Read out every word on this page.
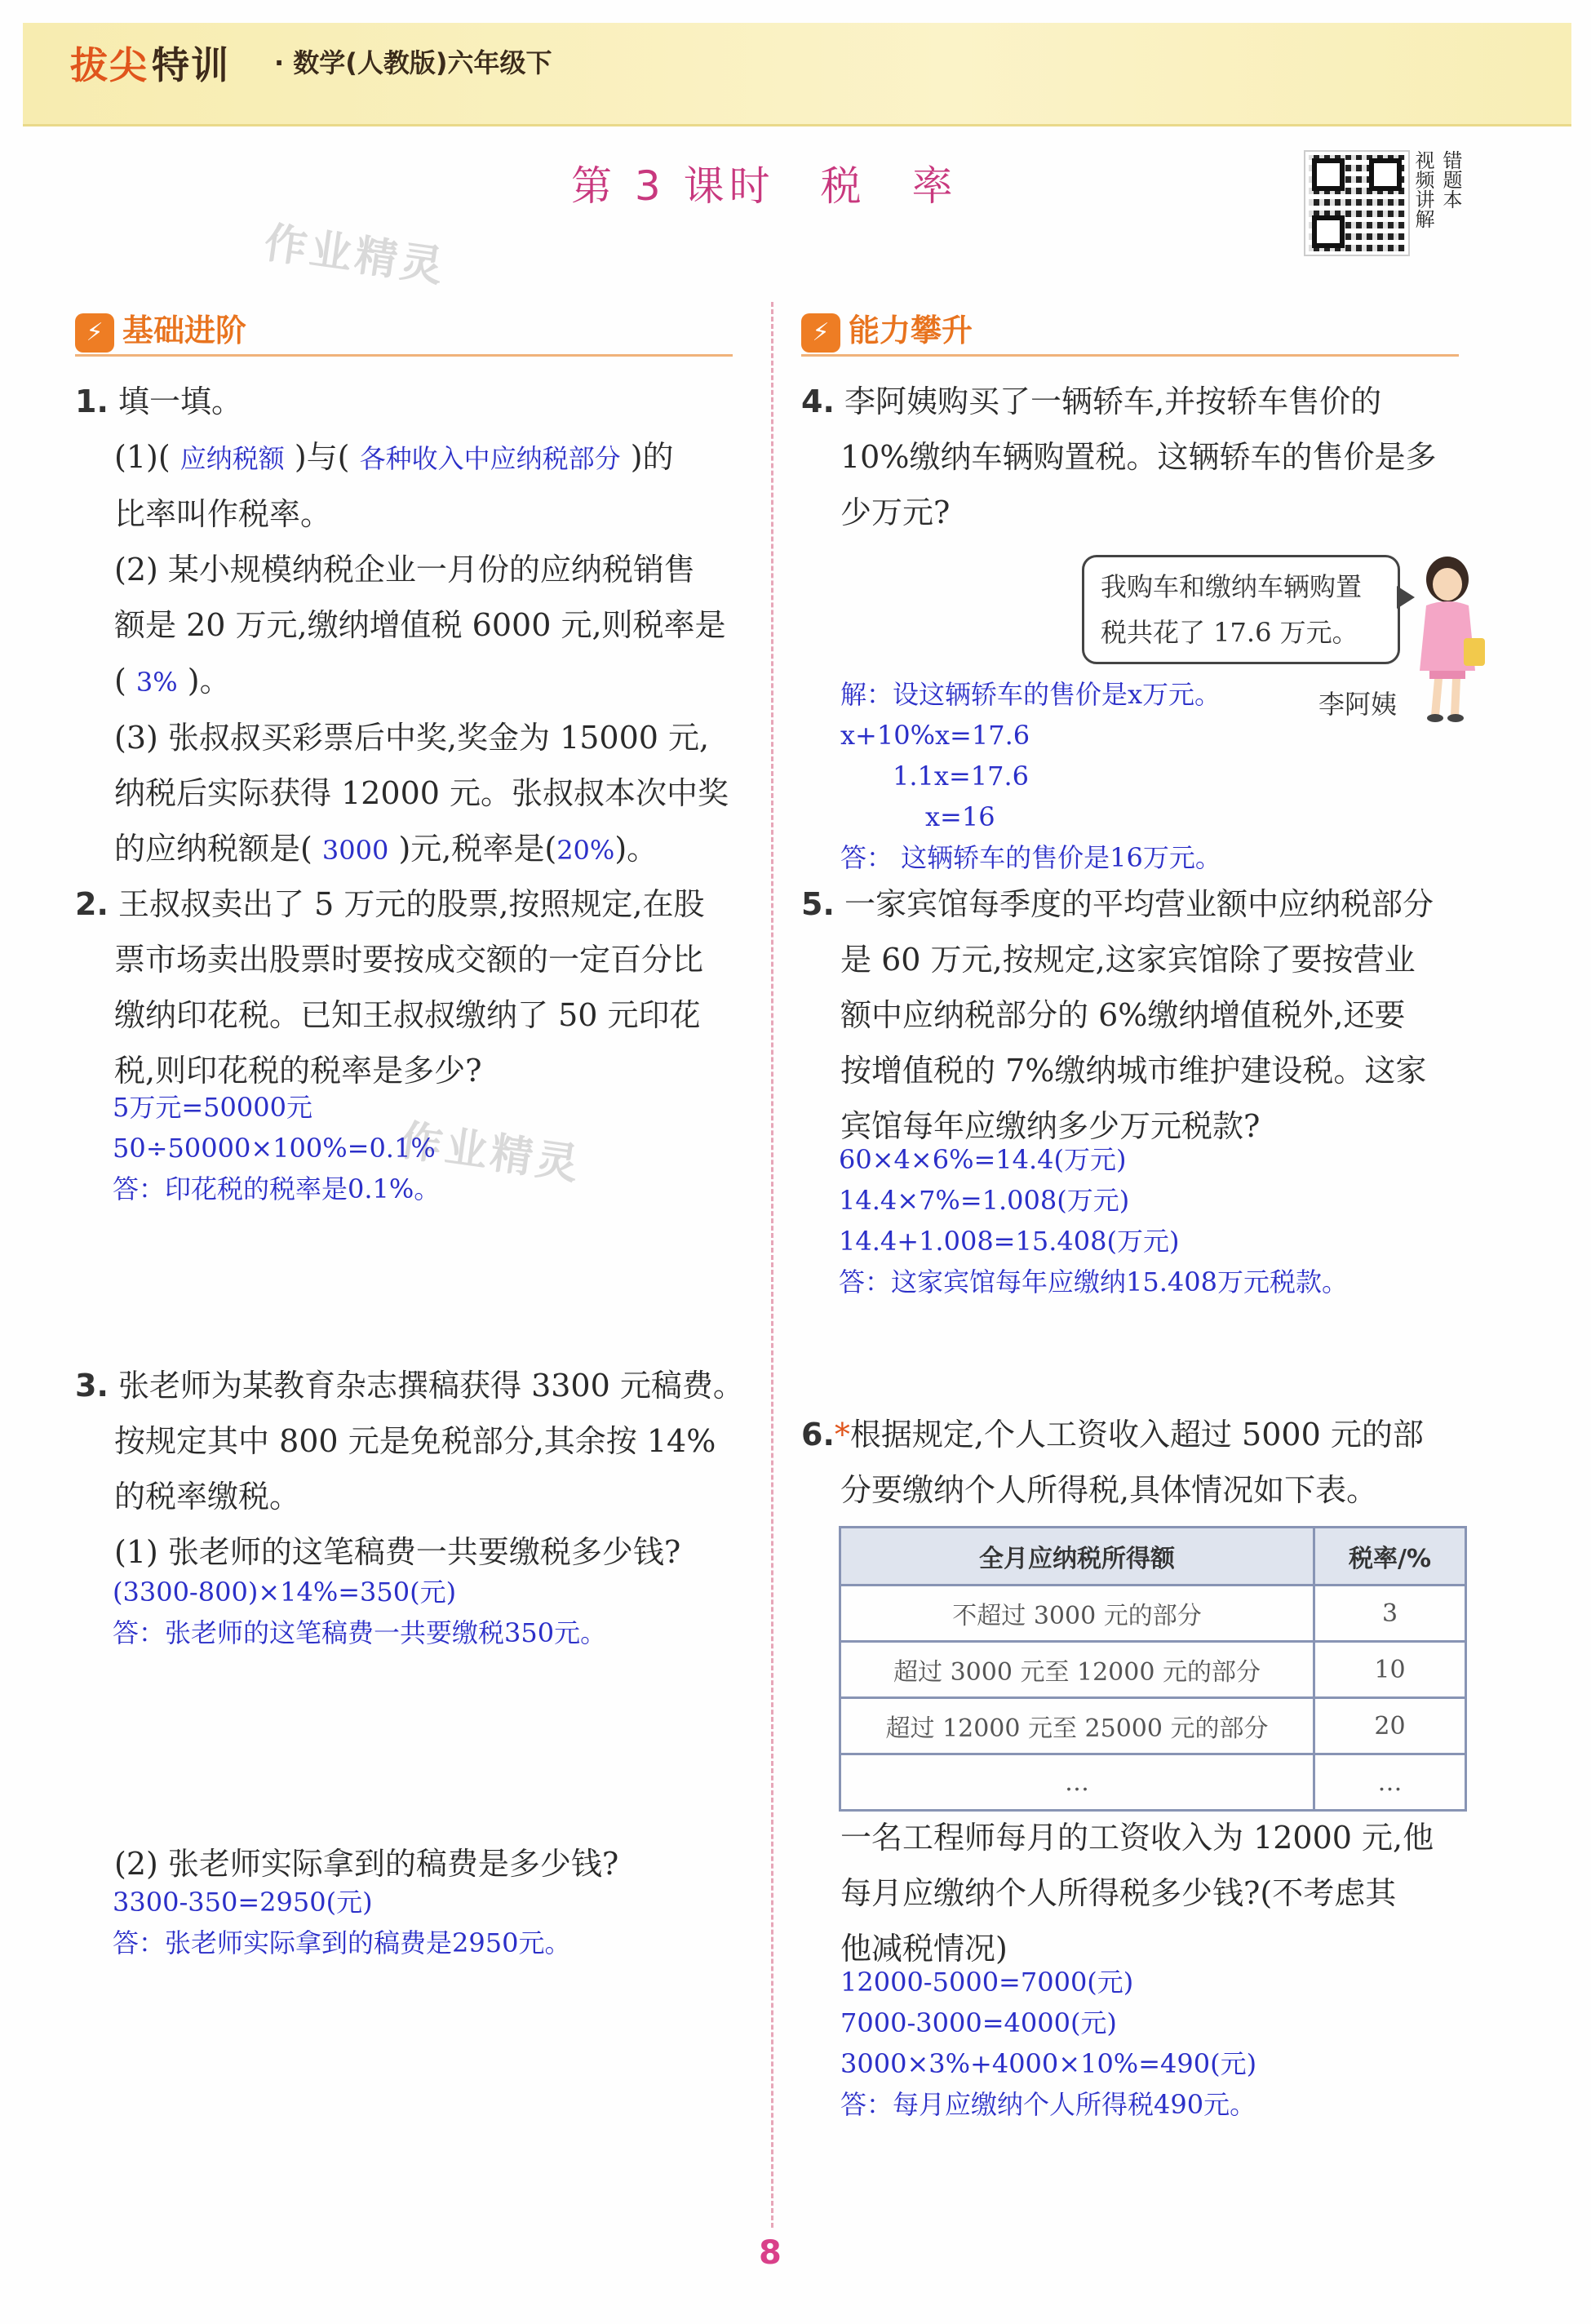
拔尖特训 · 数学(人教版)六年级下
第 3 课时　税　率	视频讲解 错题本
作业精灵
作业精灵
⚡ 基础进阶	⚡ 能力攀升

1. 填一填。

(1)( 应纳税额 )与( 各种收入中应纳税部分 )的

比率叫作税率。

(2) 某小规模纳税企业一月份的应纳税销售

额是 20 万元,缴纳增值税 6000 元,则税率是

( 3% )。

(3) 张叔叔买彩票后中奖,奖金为 15000 元,

纳税后实际获得 12000 元。张叔叔本次中奖

的应纳税额是( 3000 )元,税率是(20%)。

2. 王叔叔卖出了 5 万元的股票,按照规定,在股

票市场卖出股票时要按成交额的一定百分比

缴纳印花税。已知王叔叔缴纳了 50 元印花

税,则印花税的税率是多少?

5万元=50000元
50÷50000×100%=0.1%
答：印花税的税率是0.1%。

3. 张老师为某教育杂志撰稿获得 3300 元稿费。

按规定其中 800 元是免税部分,其余按 14%

的税率缴税。

(1) 张老师的这笔稿费一共要缴税多少钱?

(3300-800)×14%=350(元)
答：张老师的这笔稿费一共要缴税350元。

(2) 张老师实际拿到的稿费是多少钱?

3300-350=2950(元)
答：张老师实际拿到的稿费是2950元。

4. 李阿姨购买了一辆轿车,并按轿车售价的

10%缴纳车辆购置税。这辆轿车的售价是多

少万元?

我购车和缴纳车辆购置
税共花了 17.6 万元。
李阿姨
解：设这辆轿车的售价是x万元。
x+10%x=17.6
1.1x=17.6
x=16
答： 这辆轿车的售价是16万元。

5. 一家宾馆每季度的平均营业额中应纳税部分

是 60 万元,按规定,这家宾馆除了要按营业

额中应纳税部分的 6%缴纳增值税外,还要

按增值税的 7%缴纳城市维护建设税。这家

宾馆每年应缴纳多少万元税款?

60×4×6%=14.4(万元)
14.4×7%=1.008(万元)
14.4+1.008=15.408(万元)
答：这家宾馆每年应缴纳15.408万元税款。

6.*根据规定,个人工资收入超过 5000 元的部

分要缴纳个人所得税,具体情况如下表。

全月应纳税所得额	税率/%
不超过 3000 元的部分	3
超过 3000 元至 12000 元的部分	10
超过 12000 元至 25000 元的部分	20
…	…

一名工程师每月的工资收入为 12000 元,他

每月应缴纳个人所得税多少钱?(不考虑其

他减税情况)

12000-5000=7000(元)
7000-3000=4000(元)
3000×3%+4000×10%=490(元)
答：每月应缴纳个人所得税490元。
8
